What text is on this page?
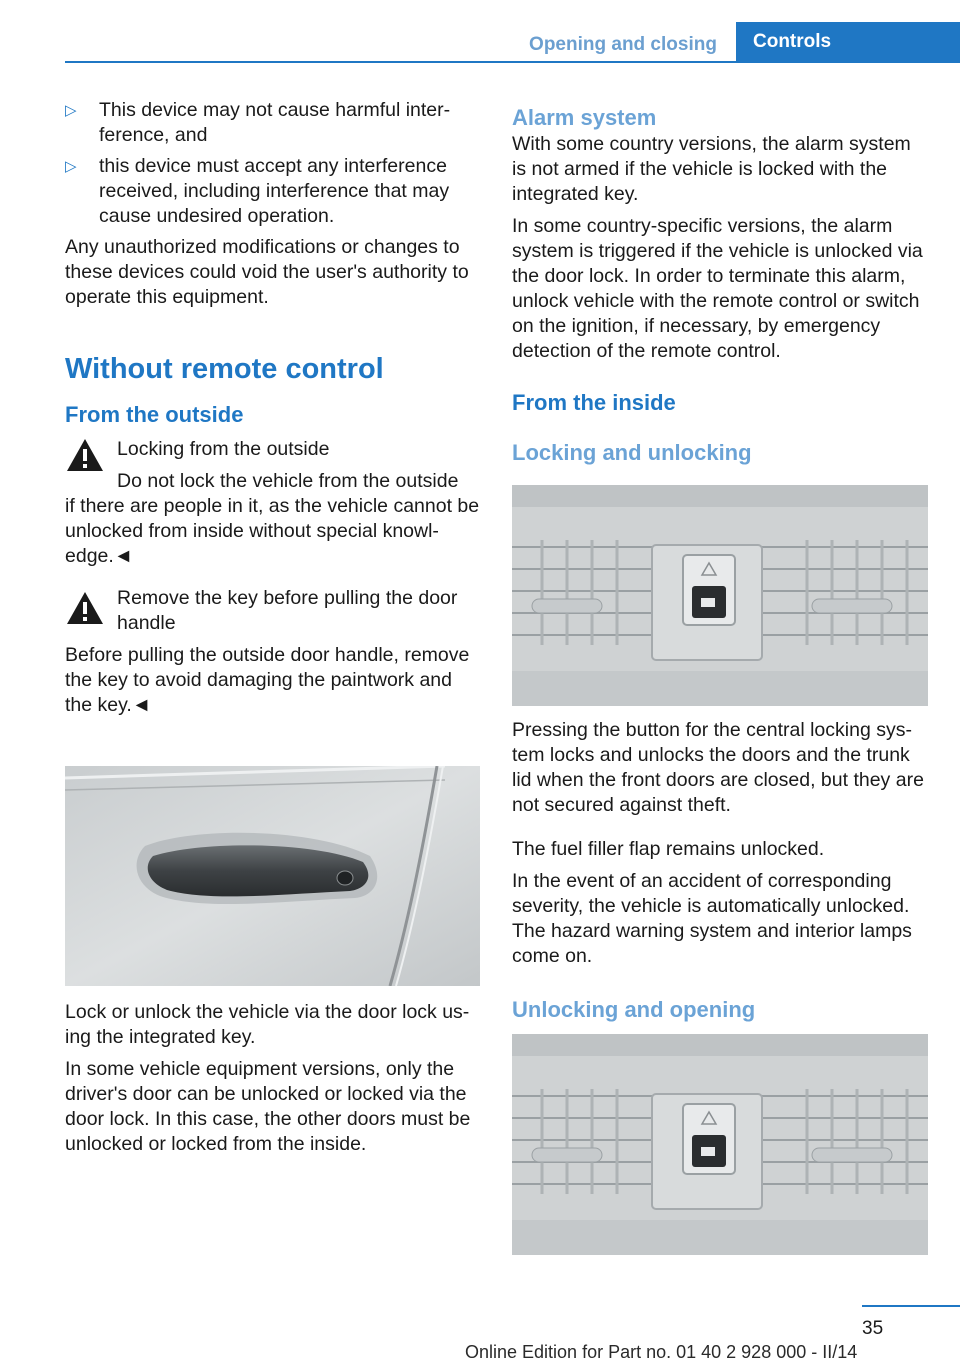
Opening and closing	Controls
▷ This device may not cause harmful inter-ference, and
▷ this device must accept any interference received, including interference that may cause undesired operation.

Any unauthorized modifications or changes to these devices could void the user's authority to operate this equipment.

Without remote control
From the outside

Locking from the outside

Do not lock the vehicle from the outside

if there are people in it, as the vehicle cannot be unlocked from inside without special knowl-edge.◄

Remove the key before pulling the door handle

Before pulling the outside door handle, remove the key to avoid damaging the paintwork and the key.◄

Lock or unlock the vehicle via the door lock us-ing the integrated key.

In some vehicle equipment versions, only the driver's door can be unlocked or locked via the door lock. In this case, the other doors must be unlocked or locked from the inside.

Alarm system

With some country versions, the alarm system is not armed if the vehicle is locked with the integrated key.

In some country-specific versions, the alarm system is triggered if the vehicle is unlocked via the door lock. In order to terminate this alarm, unlock vehicle with the remote control or switch on the ignition, if necessary, by emergency detection of the remote control.

From the inside
Locking and unlocking

Pressing the button for the central locking sys-tem locks and unlocks the doors and the trunk lid when the front doors are closed, but they are not secured against theft.

The fuel filler flap remains unlocked.

In the event of an accident of corresponding severity, the vehicle is automatically unlocked. The hazard warning system and interior lamps come on.

Unlocking and opening
35
Online Edition for Part no. 01 40 2 928 000 - II/14
